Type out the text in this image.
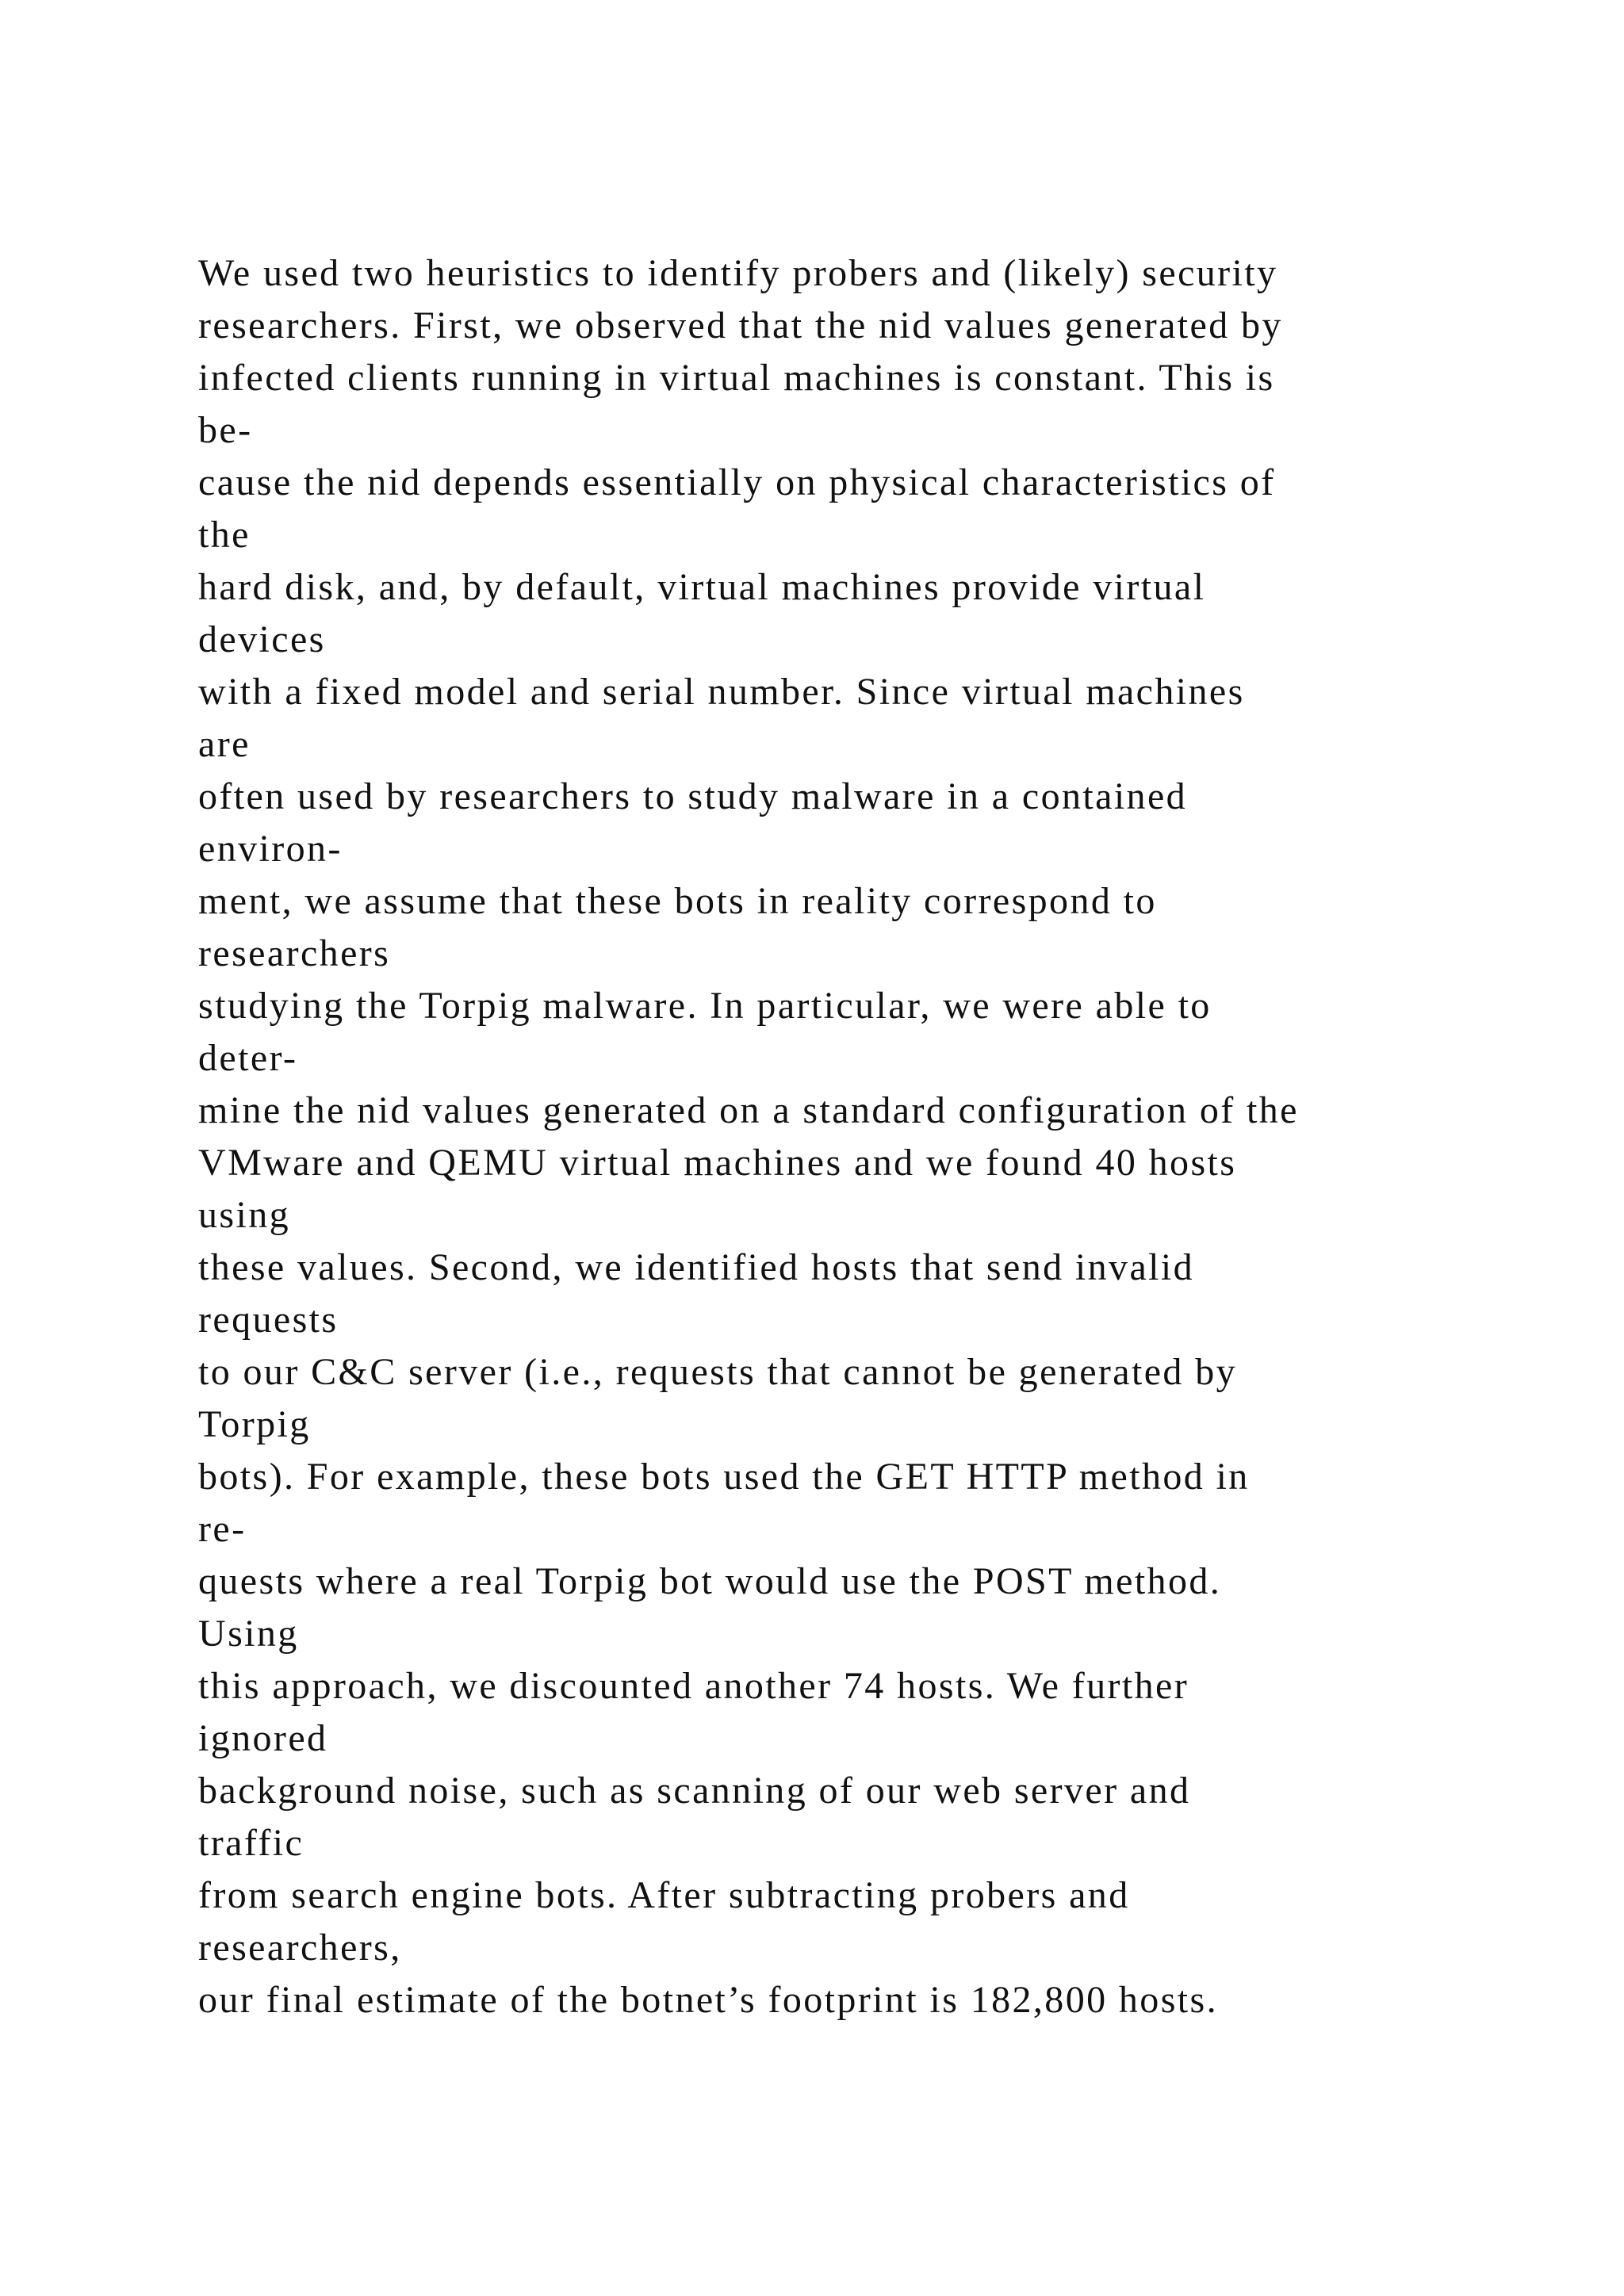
We used two heuristics to identify probers and (likely) security
researchers. First, we observed that the nid values generated by
infected clients running in virtual machines is constant. This is
be-
cause the nid depends essentially on physical characteristics of
the
hard disk, and, by default, virtual machines provide virtual
devices
with a fixed model and serial number. Since virtual machines
are
often used by researchers to study malware in a contained
environ-
ment, we assume that these bots in reality correspond to
researchers
studying the Torpig malware. In particular, we were able to
deter-
mine the nid values generated on a standard configuration of the
VMware and QEMU virtual machines and we found 40 hosts
using
these values. Second, we identified hosts that send invalid
requests
to our C&C server (i.e., requests that cannot be generated by
Torpig
bots). For example, these bots used the GET HTTP method in
re-
quests where a real Torpig bot would use the POST method.
Using
this approach, we discounted another 74 hosts. We further
ignored
background noise, such as scanning of our web server and
traffic
from search engine bots. After subtracting probers and
researchers,
our final estimate of the botnet’s footprint is 182,800 hosts.
